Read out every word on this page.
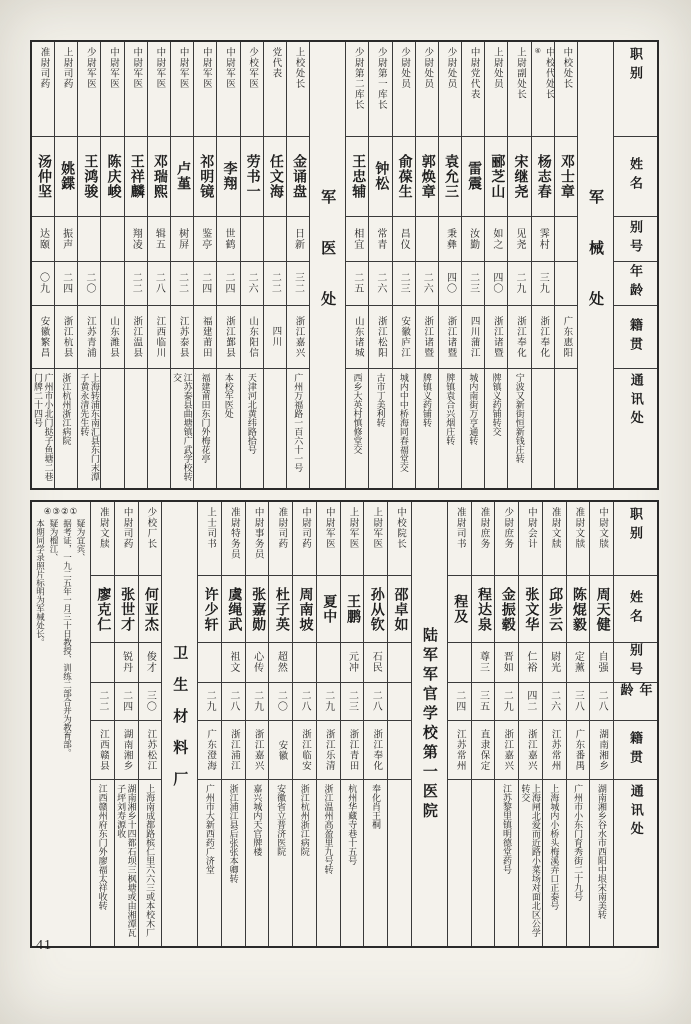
职别
姓名
别号
年龄
籍贯
通讯处
军械处
中校处长
邓士章
广东惠阳
中校代处长
④
杨志春
霁村
三九
浙江奉化
上尉副处长
宋继尧
见尧
二九
浙江奉化
宁波又新街恒新钱庄转
上尉处员
郦芝山
如之
四〇
浙江诸暨
牌镇义药铺转交
中尉党代表
雷震
汝勤
二三
四川蒲江
城内南街万亨通转
少尉处员
袁允三
秉彝
四〇
浙江诸暨
牌镇袁合兴烟庄转
少尉处员
郭焕章
二六
浙江诸暨
牌镇义药铺转
少尉处员
俞葆生
昌仪
二三
安徽庐江
城内中中桥海同春福堂交
少尉第一库长
钟松
常青
二六
浙江松阳
古市丁美利转
少尉第二库长
王忠辅
相宜
二五
山东诸城
西乡大英村慎修堂交
军医处
上校处长
金诵盘
日新
三二
浙江嘉兴
广州万福路一百六十一号
党代表
任文海
二二
四川
少校军医
劳书一
二六
山东阳信
天津河北黄纬路拾号
中尉军医
李翔
世鹤
二四
浙江鄞县
本校军医处
中尉军医
祁明镜
鉴亭
二四
福建莆田
福建莆田东门外梅花亭
中尉军医
卢堇
树屏
二二
江苏泰县
江苏泰县曲塘镇广武学校转交
中尉军医
邓瑞熙
辑五
二八
江西临川
中尉军医
王祥麟
翔凌
二二
浙江温县
中尉军医
陈庆峻
山东潍县
少尉军医
王鸿骏
二〇
江苏青浦
上海转浦东南汇县东门末潭子黄永清先生转
上尉司药
姚鍱
振声
二四
浙江杭县
浙江杭州浙江病院
准尉司药
汤仲坚
达颐
〇九
安徽繁昌
广州市小北门挞子鱼塘二巷门牌二十四号
职别
姓名
别号
年龄
籍贯
通讯处
中尉文牍
周天健
自强
二八
湖南湘乡
湖南湘乡谷水市西阳中垠宋南美转
准尉文牍
陈焜毅
定薰
三八
广东番禺
广州市小东门育秀街二十九号
准尉文牍
邱步云
尉光
二六
江苏常州
上海城内小桥头梅溪弄口正泰号
中尉会计
张文华
仁裕
四二
浙江嘉兴
上海闸北爱而近路小菜场对面北区公学转交
少尉庶务
金振毂
晋如
二九
浙江嘉兴
江苏黎里镇明德堂药号
准尉庶务
程达泉
尊三
三五
直隶保定
准尉司书
程及
二四
江苏常州
陆军军官学校第一医院
中校院长
邵卓如
上尉军医
孙从钦
石民
二八
浙江奉化
奉化肖王桐
上尉军医
王鹏
元冲
二三
浙江青田
杭州华藏寺巷十五号
中尉军医
夏中
二九
浙江乐清
浙江温州高盈里九号转
中尉司药
周南坡
二八
浙江临安
浙江杭州浙江病院
准尉司药
杜子英
超然
二〇
安徽
安徽省立普济医院
中尉事务员
张嘉勋
心传
二九
浙江嘉兴
嘉兴城内天官牌楼
准尉特务员
虞绳武
祖文
二八
浙江浦江
浙江浦江县后张张本卿转
上士司书
许少轩
二九
广东澄海
广州市大新西药广济堂
卫生材料厂
少校厂长
何亚杰
俊才
三〇
江苏松江
上海南成都路槟仁里六六三或本校木厂
中尉司药
张世才
锐丹
二四
湖南湘乡
湖南湘乡十四都石坝三枫塘或由湘潭瓦子坪刘寿源收
准尉文牍
廖克仁
二二
江西赣县
江西赣州府东门外廖福太祥收转
④③②①
疑为宜宾、
据考证，一九二五年一月三十日教授、训练二部合并为教育部。
疑为榴江、
本期同学录照片标明为军械处长。
41
